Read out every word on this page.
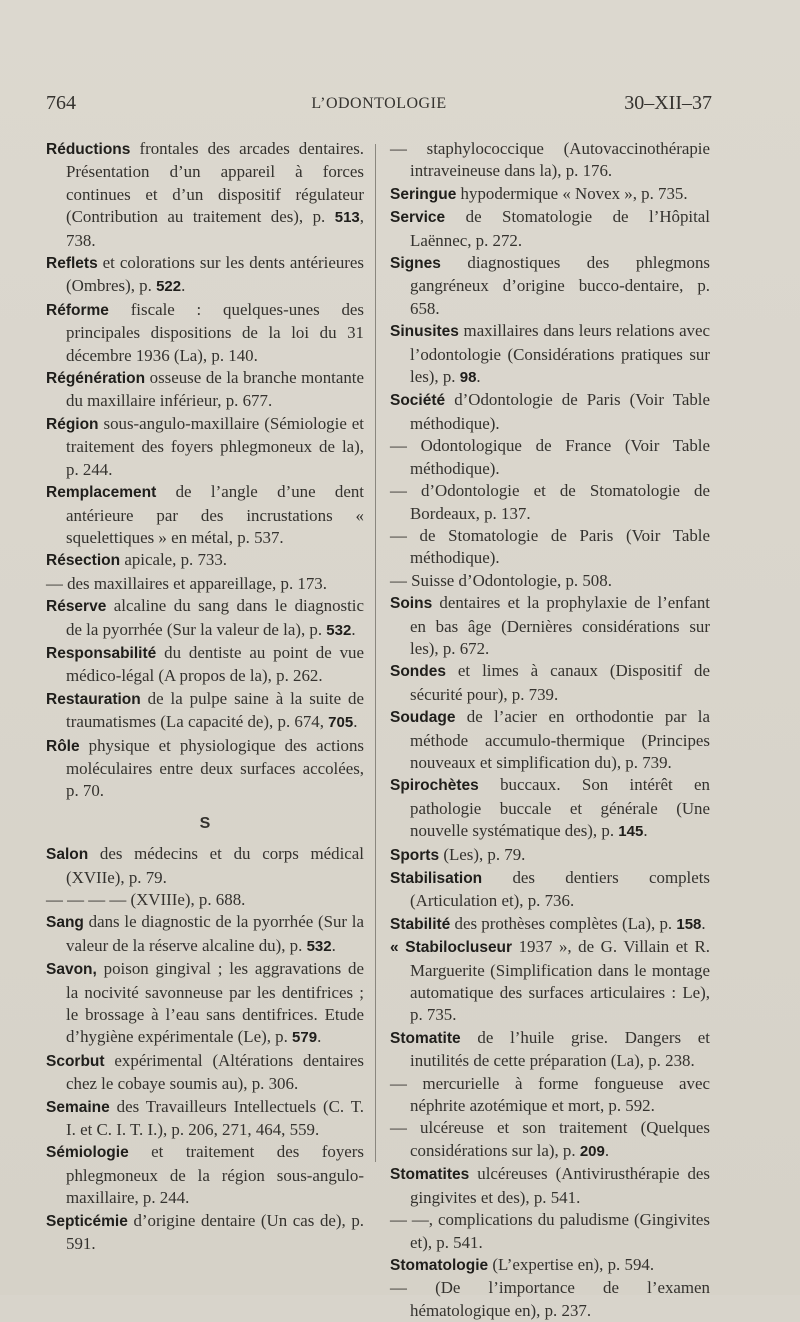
764	L’ODONTOLOGIE	30–XII–37

Réductions frontales des arcades dentaires. Présentation d’un appareil à forces continues et d’un dispositif régulateur (Contribution au traitement des), p. 513, 738.

Reflets et colorations sur les dents antérieures (Ombres), p. 522.

Réforme fiscale : quelques-unes des principales dispositions de la loi du 31 décembre 1936 (La), p. 140.

Régénération osseuse de la branche montante du maxillaire inférieur, p. 677.

Région sous-angulo-maxillaire (Sémiologie et traitement des foyers phlegmoneux de la), p. 244.

Remplacement de l’angle d’une dent antérieure par des incrustations « squelettiques » en métal, p. 537.

Résection apicale, p. 733.

— des maxillaires et appareillage, p. 173.

Réserve alcaline du sang dans le diagnostic de la pyorrhée (Sur la valeur de la), p. 532.

Responsabilité du dentiste au point de vue médico-légal (A propos de la), p. 262.

Restauration de la pulpe saine à la suite de traumatismes (La capacité de), p. 674, 705.

Rôle physique et physiologique des actions moléculaires entre deux surfaces accolées, p. 70.

S

Salon des médecins et du corps médical (XVIIe), p. 79.

— — — — (XVIIIe), p. 688.

Sang dans le diagnostic de la pyorrhée (Sur la valeur de la réserve alcaline du), p. 532.

Savon, poison gingival ; les aggravations de la nocivité savonneuse par les dentifrices ; le brossage à l’eau sans dentifrices. Etude d’hygiène expérimentale (Le), p. 579.

Scorbut expérimental (Altérations dentaires chez le cobaye soumis au), p. 306.

Semaine des Travailleurs Intellectuels (C. T. I. et C. I. T. I.), p. 206, 271, 464, 559.

Sémiologie et traitement des foyers phlegmoneux de la région sous-angulo-maxillaire, p. 244.

Septicémie d’origine dentaire (Un cas de), p. 591.

— staphylococcique (Autovaccinothérapie intraveineuse dans la), p. 176.

Seringue hypodermique « Novex », p. 735.

Service de Stomatologie de l’Hôpital Laënnec, p. 272.

Signes diagnostiques des phlegmons gangréneux d’origine bucco-dentaire, p. 658.

Sinusites maxillaires dans leurs relations avec l’odontologie (Considérations pratiques sur les), p. 98.

Société d’Odontologie de Paris (Voir Table méthodique).

— Odontologique de France (Voir Table méthodique).

— d’Odontologie et de Stomatologie de Bordeaux, p. 137.

— de Stomatologie de Paris (Voir Table méthodique).

— Suisse d’Odontologie, p. 508.

Soins dentaires et la prophylaxie de l’enfant en bas âge (Dernières considérations sur les), p. 672.

Sondes et limes à canaux (Dispositif de sécurité pour), p. 739.

Soudage de l’acier en orthodontie par la méthode accumulo-thermique (Principes nouveaux et simplification du), p. 739.

Spirochètes buccaux. Son intérêt en pathologie buccale et générale (Une nouvelle systématique des), p. 145.

Sports (Les), p. 79.

Stabilisation des dentiers complets (Articulation et), p. 736.

Stabilité des prothèses complètes (La), p. 158.

« Stabilocluseur 1937 », de G. Villain et R. Marguerite (Simplification dans le montage automatique des surfaces articulaires : Le), p. 735.

Stomatite de l’huile grise. Dangers et inutilités de cette préparation (La), p. 238.

— mercurielle à forme fongueuse avec néphrite azotémique et mort, p. 592.

— ulcéreuse et son traitement (Quelques considérations sur la), p. 209.

Stomatites ulcéreuses (Antivirusthérapie des gingivites et des), p. 541.

— —, complications du paludisme (Gingivites et), p. 541.

Stomatologie (L’expertise en), p. 594.

— (De l’importance de l’examen hématologique en), p. 237.
